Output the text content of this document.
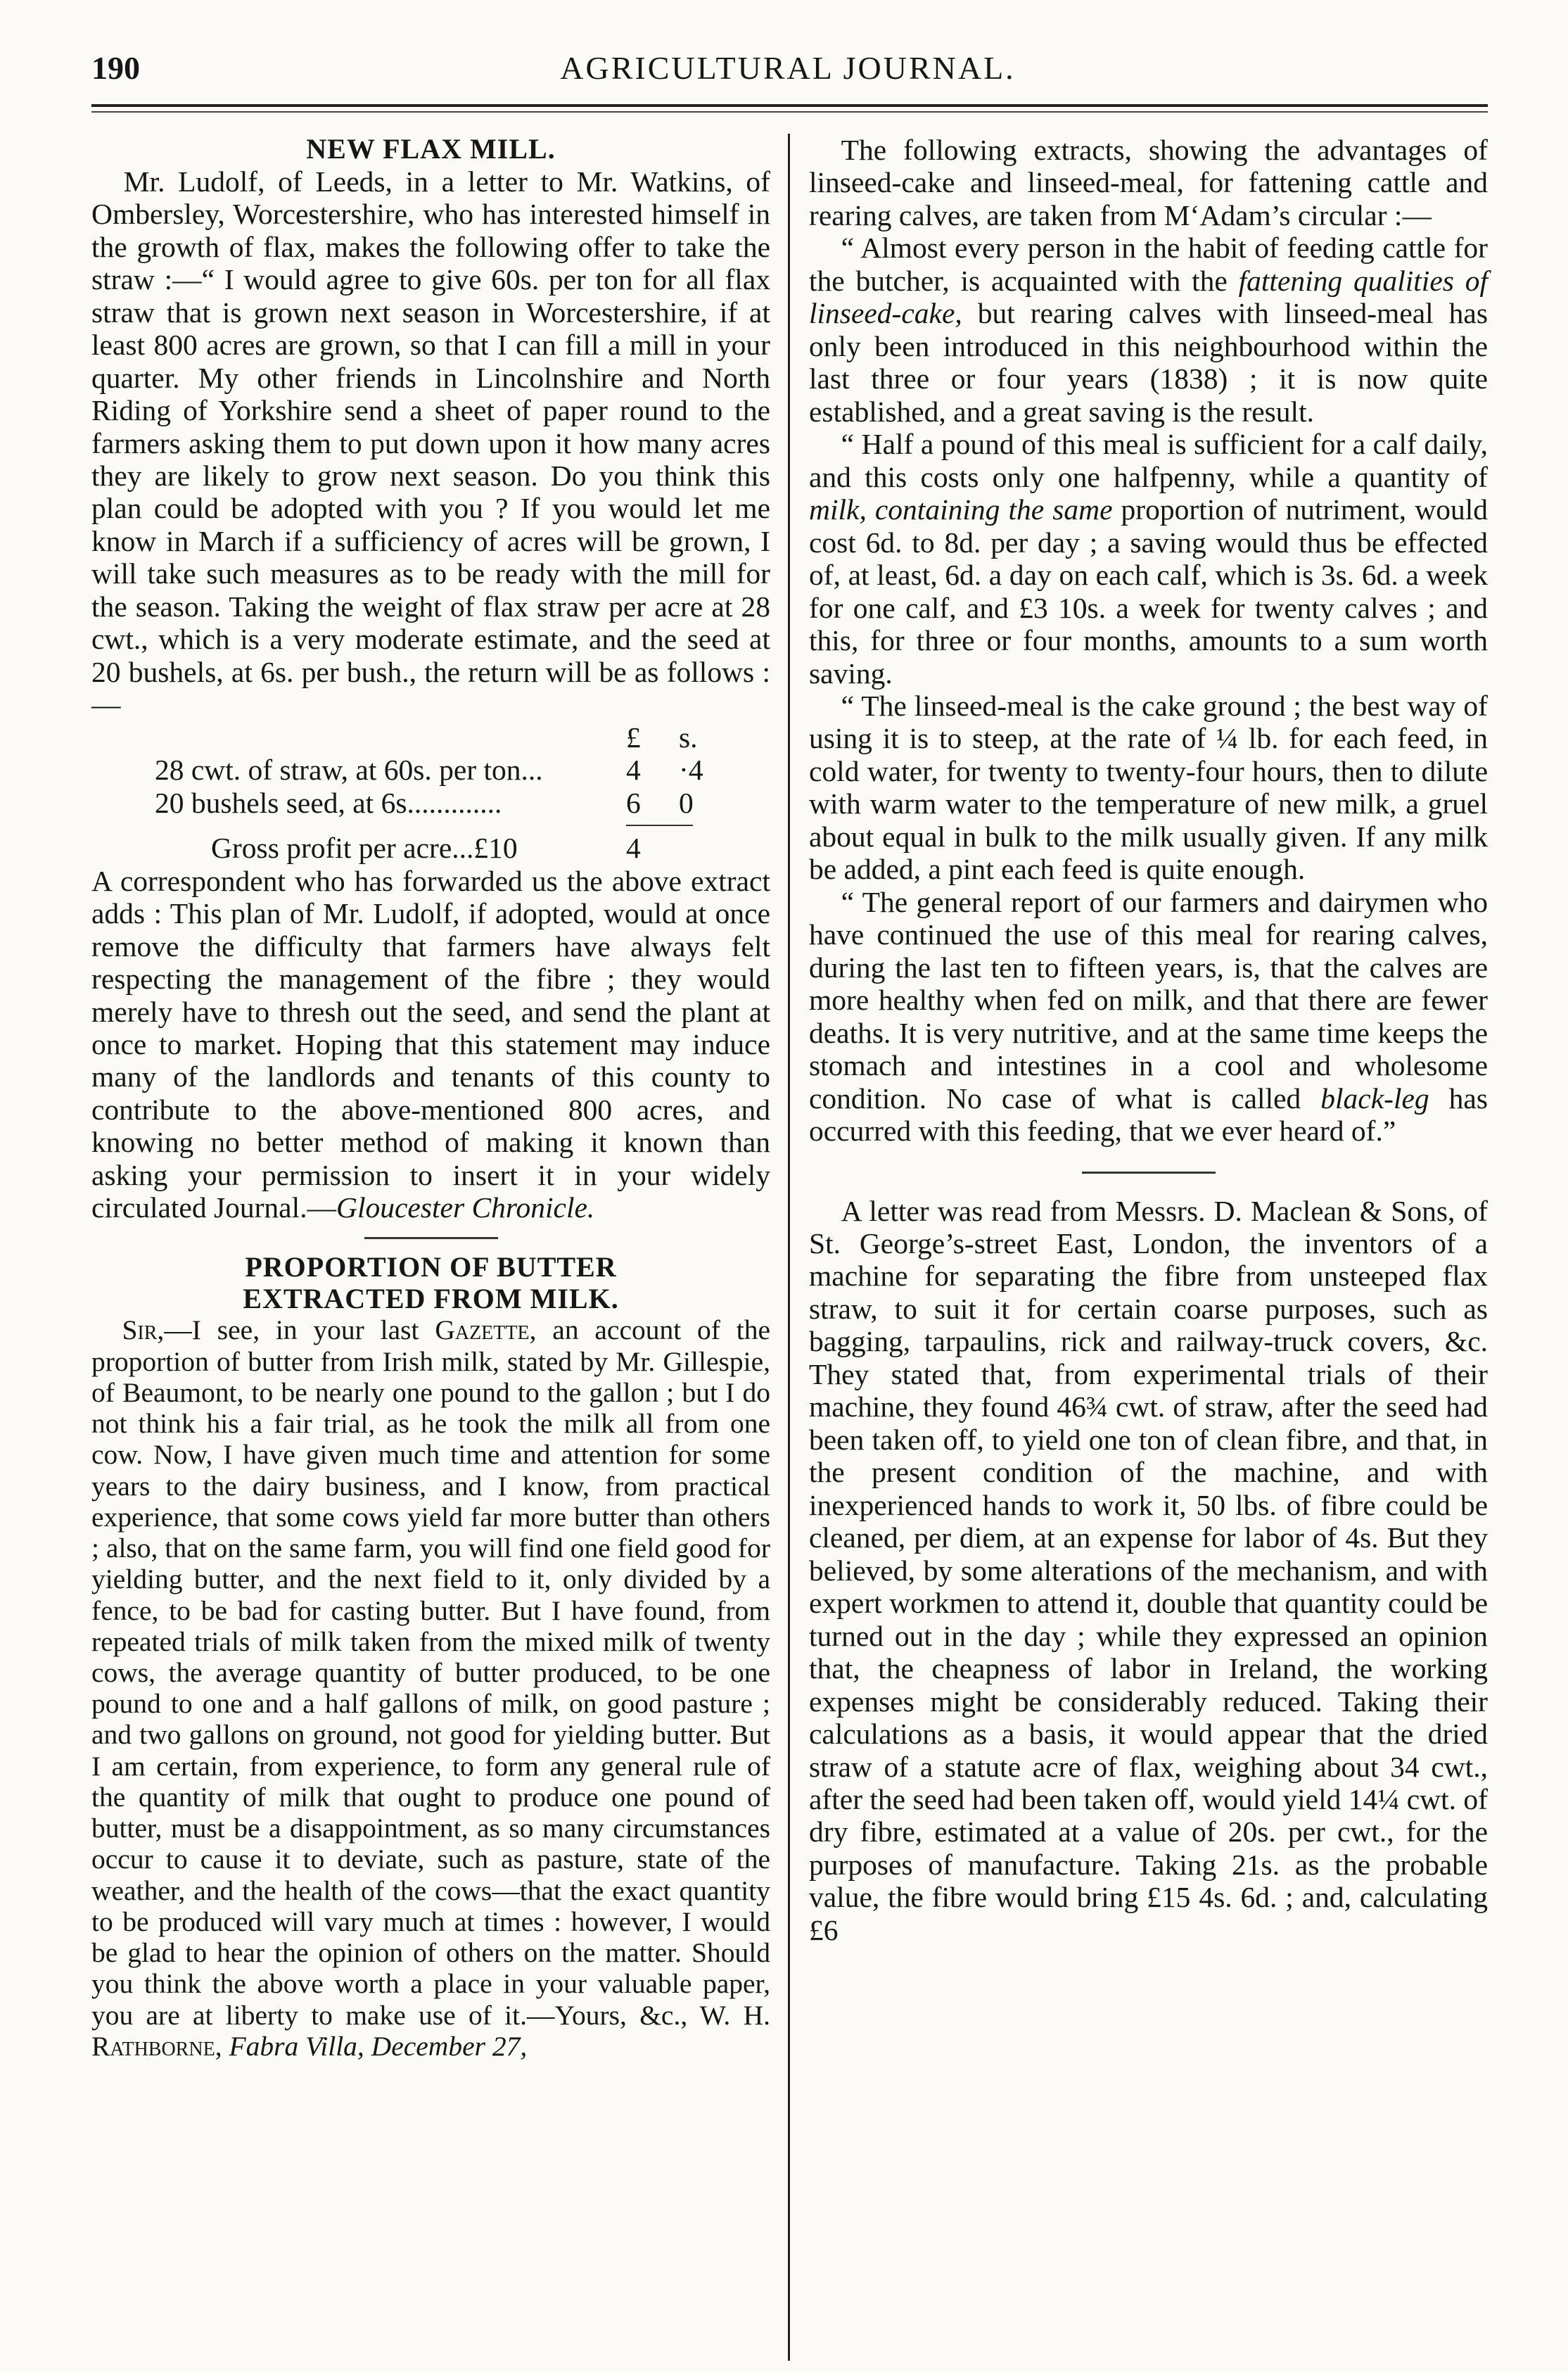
190	AGRICULTURAL JOURNAL.
NEW FLAX MILL.

Mr. Ludolf, of Leeds, in a letter to Mr. Watkins, of Ombersley, Worcestershire, who has interested himself in the growth of flax, makes the following offer to take the straw :—“ I would agree to give 60s. per ton for all flax straw that is grown next season in Worcestershire, if at least 800 acres are grown, so that I can fill a mill in your quarter. My other friends in Lincolnshire and North Riding of Yorkshire send a sheet of paper round to the farmers asking them to put down upon it how many acres they are likely to grow next season. Do you think this plan could be adopted with you ? If you would let me know in March if a sufficiency of acres will be grown, I will take such measures as to be ready with the mill for the season. Taking the weight of flax straw per acre at 28 cwt., which is a very moderate estimate, and the seed at 20 bushels, at 6s. per bush., the return will be as follows :—

£	s.
28 cwt. of straw, at 60s. per ton...	4	·4
20 bushels seed, at 6s.............	6	0
Gross profit per acre...£10	4

A correspondent who has forwarded us the above extract adds : This plan of Mr. Ludolf, if adopted, would at once remove the difficulty that farmers have always felt respecting the management of the fibre ; they would merely have to thresh out the seed, and send the plant at once to market. Hoping that this statement may induce many of the landlords and tenants of this county to contribute to the above-mentioned 800 acres, and knowing no better method of making it known than asking your permission to insert it in your widely circulated Journal.—Gloucester Chronicle.

PROPORTION OF BUTTER EXTRACTED FROM MILK.

Sir,—I see, in your last Gazette, an account of the proportion of butter from Irish milk, stated by Mr. Gillespie, of Beaumont, to be nearly one pound to the gallon ; but I do not think his a fair trial, as he took the milk all from one cow. Now, I have given much time and attention for some years to the dairy business, and I know, from practical experience, that some cows yield far more butter than others ; also, that on the same farm, you will find one field good for yielding butter, and the next field to it, only divided by a fence, to be bad for casting butter. But I have found, from repeated trials of milk taken from the mixed milk of twenty cows, the average quantity of butter produced, to be one pound to one and a half gallons of milk, on good pasture ; and two gallons on ground, not good for yielding butter. But I am certain, from experience, to form any general rule of the quantity of milk that ought to produce one pound of butter, must be a disappointment, as so many circumstances occur to cause it to deviate, such as pasture, state of the weather, and the health of the cows—that the exact quantity to be produced will vary much at times : however, I would be glad to hear the opinion of others on the matter. Should you think the above worth a place in your valuable paper, you are at liberty to make use of it.—Yours, &c., W. H. Rathborne, Fabra Villa, December 27,

The following extracts, showing the advantages of linseed-cake and linseed-meal, for fattening cattle and rearing calves, are taken from M‘Adam’s circular :—

“ Almost every person in the habit of feeding cattle for the butcher, is acquainted with the fattening qualities of linseed-cake, but rearing calves with linseed-meal has only been introduced in this neighbourhood within the last three or four years (1838) ; it is now quite established, and a great saving is the result.

“ Half a pound of this meal is sufficient for a calf daily, and this costs only one halfpenny, while a quantity of milk, containing the same proportion of nutriment, would cost 6d. to 8d. per day ; a saving would thus be effected of, at least, 6d. a day on each calf, which is 3s. 6d. a week for one calf, and £3 10s. a week for twenty calves ; and this, for three or four months, amounts to a sum worth saving.

“ The linseed-meal is the cake ground ; the best way of using it is to steep, at the rate of ¼ lb. for each feed, in cold water, for twenty to twenty-four hours, then to dilute with warm water to the temperature of new milk, a gruel about equal in bulk to the milk usually given. If any milk be added, a pint each feed is quite enough.

“ The general report of our farmers and dairymen who have continued the use of this meal for rearing calves, during the last ten to fifteen years, is, that the calves are more healthy when fed on milk, and that there are fewer deaths. It is very nutritive, and at the same time keeps the stomach and intestines in a cool and wholesome condition. No case of what is called black-leg has occurred with this feeding, that we ever heard of.”

A letter was read from Messrs. D. Maclean & Sons, of St. George’s-street East, London, the inventors of a machine for separating the fibre from unsteeped flax straw, to suit it for certain coarse purposes, such as bagging, tarpaulins, rick and railway-truck covers, &c. They stated that, from experimental trials of their machine, they found 46¾ cwt. of straw, after the seed had been taken off, to yield one ton of clean fibre, and that, in the present condition of the machine, and with inexperienced hands to work it, 50 lbs. of fibre could be cleaned, per diem, at an expense for labor of 4s. But they believed, by some alterations of the mechanism, and with expert workmen to attend it, double that quantity could be turned out in the day ; while they expressed an opinion that, the cheapness of labor in Ireland, the working expenses might be considerably reduced. Taking their calculations as a basis, it would appear that the dried straw of a statute acre of flax, weighing about 34 cwt., after the seed had been taken off, would yield 14¼ cwt. of dry fibre, estimated at a value of 20s. per cwt., for the purposes of manufacture. Taking 21s. as the probable value, the fibre would bring £15 4s. 6d. ; and, calculating £6
